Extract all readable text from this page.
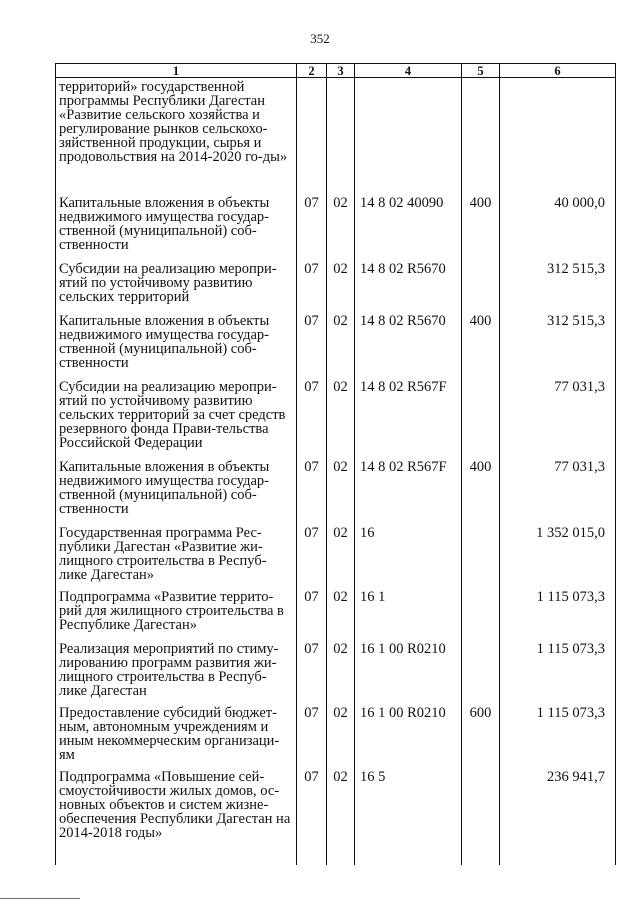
352
1	2	3	4	5	6
территорий» государственной программы Республики Дагестан «Развитие сельского хозяйства и регулирование рынков сельскохо-зяйственной продукции, сырья и продовольствия на 2014-2020 го-ды»					
Капитальные вложения в объекты недвижимого имущества государ-ственной (муниципальной) соб-ственности	07	02	14 8 02 40090	400	40 000,0
Субсидии на реализацию меропри-ятий по устойчивому развитию сельских территорий	07	02	14 8 02 R5670		312 515,3
Капитальные вложения в объекты недвижимого имущества государ-ственной (муниципальной) соб-ственности	07	02	14 8 02 R5670	400	312 515,3
Субсидии на реализацию меропри-ятий по устойчивому развитию сельских территорий за счет средств резервного фонда Прави-тельства Российской Федерации	07	02	14 8 02 R567F		77 031,3
Капитальные вложения в объекты недвижимого имущества государ-ственной (муниципальной) соб-ственности	07	02	14 8 02 R567F	400	77 031,3
Государственная программа Рес-публики Дагестан «Развитие жи-лищного строительства в Респуб-лике Дагестан»	07	02	16		1 352 015,0
Подпрограмма «Развитие террито-рий для жилищного строительства в Республике Дагестан»	07	02	16 1		1 115 073,3
Реализация мероприятий по стиму-лированию программ развития жи-лищного строительства в Респуб-лике Дагестан	07	02	16 1 00 R0210		1 115 073,3
Предоставление субсидий бюджет-ным, автономным учреждениям и иным некоммерческим организаци-ям	07	02	16 1 00 R0210	600	1 115 073,3
Подпрограмма «Повышение сей-смоустойчивости жилых домов, ос-новных объектов и систем жизне-обеспечения Республики Дагестан на 2014-2018 годы»	07	02	16 5		236 941,7
